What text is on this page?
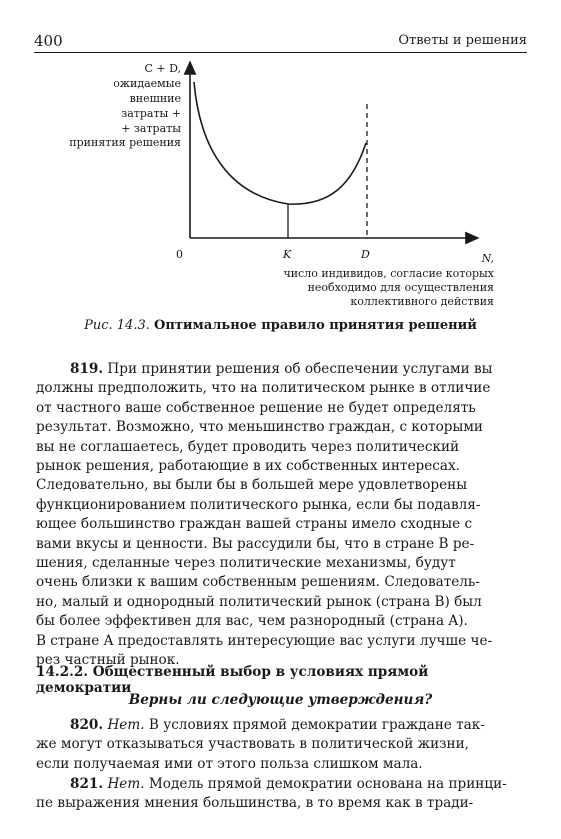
400	Ответы и решения
C + D,
ожидаемые
внешние
затраты +
+ затраты
принятия решения
0	K	D	N,
число индивидов, согласие которых
необходимо для осуществления
коллективного действия
Рис. 14.3. Оптимальное правило принятия решений
819. При принятии решения об обеспечении услугами вы
должны предположить, что на политическом рынке в отличие
от частного ваше собственное решение не будет определять
результат. Возможно, что меньшинство граждан, с которыми
вы не соглашаетесь, будет проводить через политический
рынок решения, работающие в их собственных интересах.
Следовательно, вы были бы в большей мере удовлетворены
функционированием политического рынка, если бы подавля-
ющее большинство граждан вашей страны имело сходные с
вами вкусы и ценности. Вы рассудили бы, что в стране B ре-
шения, сделанные через политические механизмы, будут
очень близки к вашим собственным решениям. Следователь-
но, малый и однородный политический рынок (страна B) был
бы более эффективен для вас, чем разнородный (страна A).
В стране A предоставлять интересующие вас услуги лучше че-
рез частный рынок.
14.2.2. Общественный выбор в условиях прямой демократии
Верны ли следующие утверждения?
820. Нет. В условиях прямой демократии граждане так-
же могут отказываться участвовать в политической жизни,
если получаемая ими от этого польза слишком мала.
821. Нет. Модель прямой демократии основана на принци-
пе выражения мнения большинства, в то время как в тради-
